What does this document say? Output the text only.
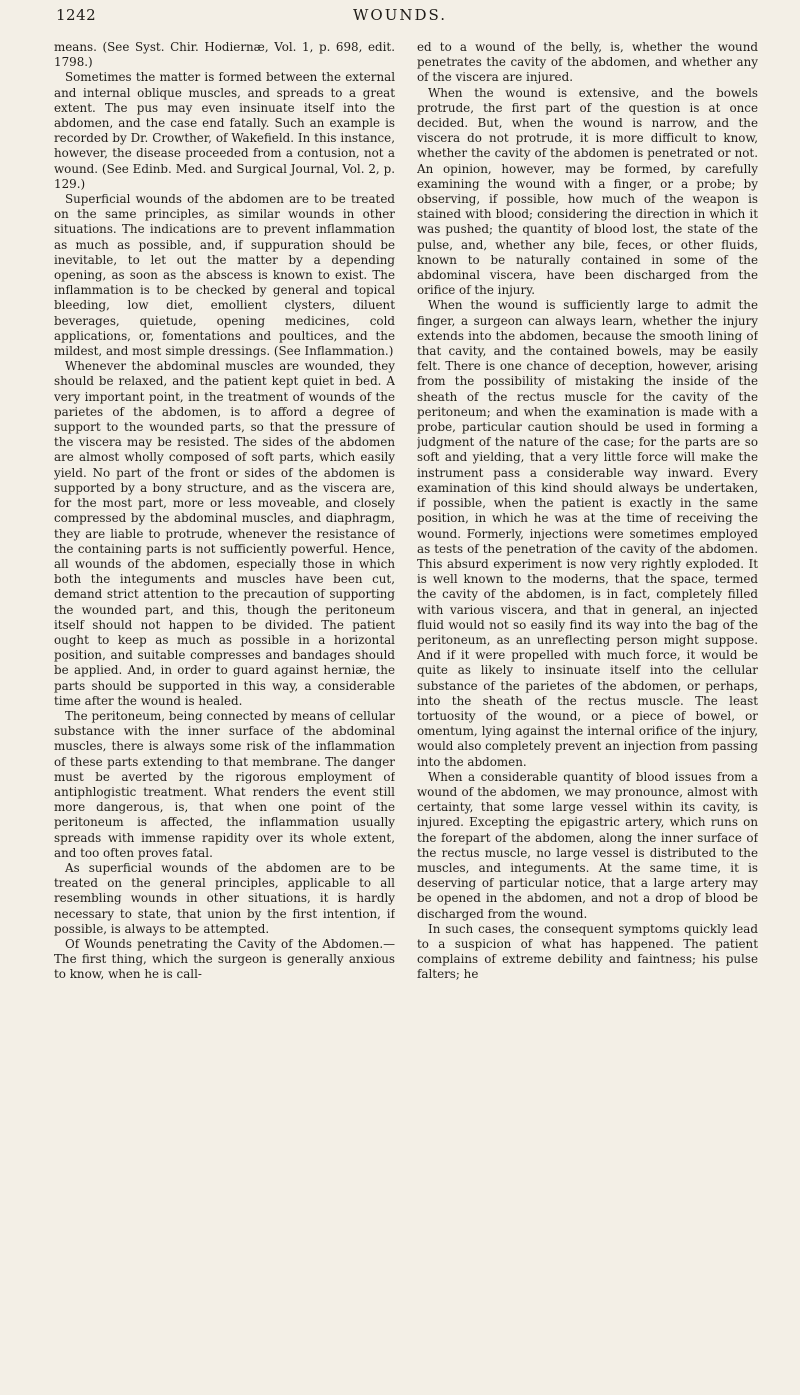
1242	WOUNDS.

means. (See Syst. Chir. Hodiernæ, Vol. 1, p. 698, edit. 1798.)

Sometimes the matter is formed between the external and internal oblique muscles, and spreads to a great extent. The pus may even insinuate itself into the abdomen, and the case end fatally. Such an example is recorded by Dr. Crowther, of Wakefield. In this instance, however, the disease proceeded from a contusion, not a wound. (See Edinb. Med. and Surgical Journal, Vol. 2, p. 129.)

Superficial wounds of the abdomen are to be treated on the same principles, as similar wounds in other situations. The indications are to prevent inflammation as much as possible, and, if suppuration should be inevitable, to let out the matter by a depending opening, as soon as the abscess is known to exist. The inflammation is to be checked by general and topical bleeding, low diet, emollient clysters, diluent beverages, quietude, opening medicines, cold applications, or, fomentations and poultices, and the mildest, and most simple dressings. (See Inflammation.)

Whenever the abdominal muscles are wounded, they should be relaxed, and the patient kept quiet in bed. A very important point, in the treatment of wounds of the parietes of the abdomen, is to afford a degree of support to the wounded parts, so that the pressure of the viscera may be resisted. The sides of the abdomen are almost wholly composed of soft parts, which easily yield. No part of the front or sides of the abdomen is supported by a bony structure, and as the viscera are, for the most part, more or less moveable, and closely compressed by the abdominal muscles, and diaphragm, they are liable to protrude, whenever the resistance of the containing parts is not sufficiently powerful. Hence, all wounds of the abdomen, especially those in which both the integuments and muscles have been cut, demand strict attention to the precaution of supporting the wounded part, and this, though the peritoneum itself should not happen to be divided. The patient ought to keep as much as possible in a horizontal position, and suitable compresses and bandages should be applied. And, in order to guard against herniæ, the parts should be supported in this way, a considerable time after the wound is healed.

The peritoneum, being connected by means of cellular substance with the inner surface of the abdominal muscles, there is always some risk of the inflammation of these parts extending to that membrane. The danger must be averted by the rigorous employment of antiphlogistic treatment. What renders the event still more dangerous, is, that when one point of the peritoneum is affected, the inflammation usually spreads with immense rapidity over its whole extent, and too often proves fatal.

As superficial wounds of the abdomen are to be treated on the general principles, applicable to all resembling wounds in other situations, it is hardly necessary to state, that union by the first intention, if possible, is always to be attempted.

Of Wounds penetrating the Cavity of the Abdomen.—The first thing, which the surgeon is generally anxious to know, when he is call-

ed to a wound of the belly, is, whether the wound penetrates the cavity of the abdomen, and whether any of the viscera are injured.

When the wound is extensive, and the bowels protrude, the first part of the question is at once decided. But, when the wound is narrow, and the viscera do not protrude, it is more difficult to know, whether the cavity of the abdomen is penetrated or not. An opinion, however, may be formed, by carefully examining the wound with a finger, or a probe; by observing, if possible, how much of the weapon is stained with blood; considering the direction in which it was pushed; the quantity of blood lost, the state of the pulse, and, whether any bile, feces, or other fluids, known to be naturally contained in some of the abdominal viscera, have been discharged from the orifice of the injury.

When the wound is sufficiently large to admit the finger, a surgeon can always learn, whether the injury extends into the abdomen, because the smooth lining of that cavity, and the contained bowels, may be easily felt. There is one chance of deception, however, arising from the possibility of mistaking the inside of the sheath of the rectus muscle for the cavity of the peritoneum; and when the examination is made with a probe, particular caution should be used in forming a judgment of the nature of the case; for the parts are so soft and yielding, that a very little force will make the instrument pass a considerable way inward. Every examination of this kind should always be undertaken, if possible, when the patient is exactly in the same position, in which he was at the time of receiving the wound. Formerly, injections were sometimes employed as tests of the penetration of the cavity of the abdomen. This absurd experiment is now very rightly exploded. It is well known to the moderns, that the space, termed the cavity of the abdomen, is in fact, completely filled with various viscera, and that in general, an injected fluid would not so easily find its way into the bag of the peritoneum, as an unreflecting person might suppose. And if it were propelled with much force, it would be quite as likely to insinuate itself into the cellular substance of the parietes of the abdomen, or perhaps, into the sheath of the rectus muscle. The least tortuosity of the wound, or a piece of bowel, or omentum, lying against the internal orifice of the injury, would also completely prevent an injection from passing into the abdomen.

When a considerable quantity of blood issues from a wound of the abdomen, we may pronounce, almost with certainty, that some large vessel within its cavity, is injured. Excepting the epigastric artery, which runs on the forepart of the abdomen, along the inner surface of the rectus muscle, no large vessel is distributed to the muscles, and integuments. At the same time, it is deserving of particular notice, that a large artery may be opened in the abdomen, and not a drop of blood be discharged from the wound.

In such cases, the consequent symptoms quickly lead to a suspicion of what has happened. The patient complains of extreme debility and faintness; his pulse falters; he
